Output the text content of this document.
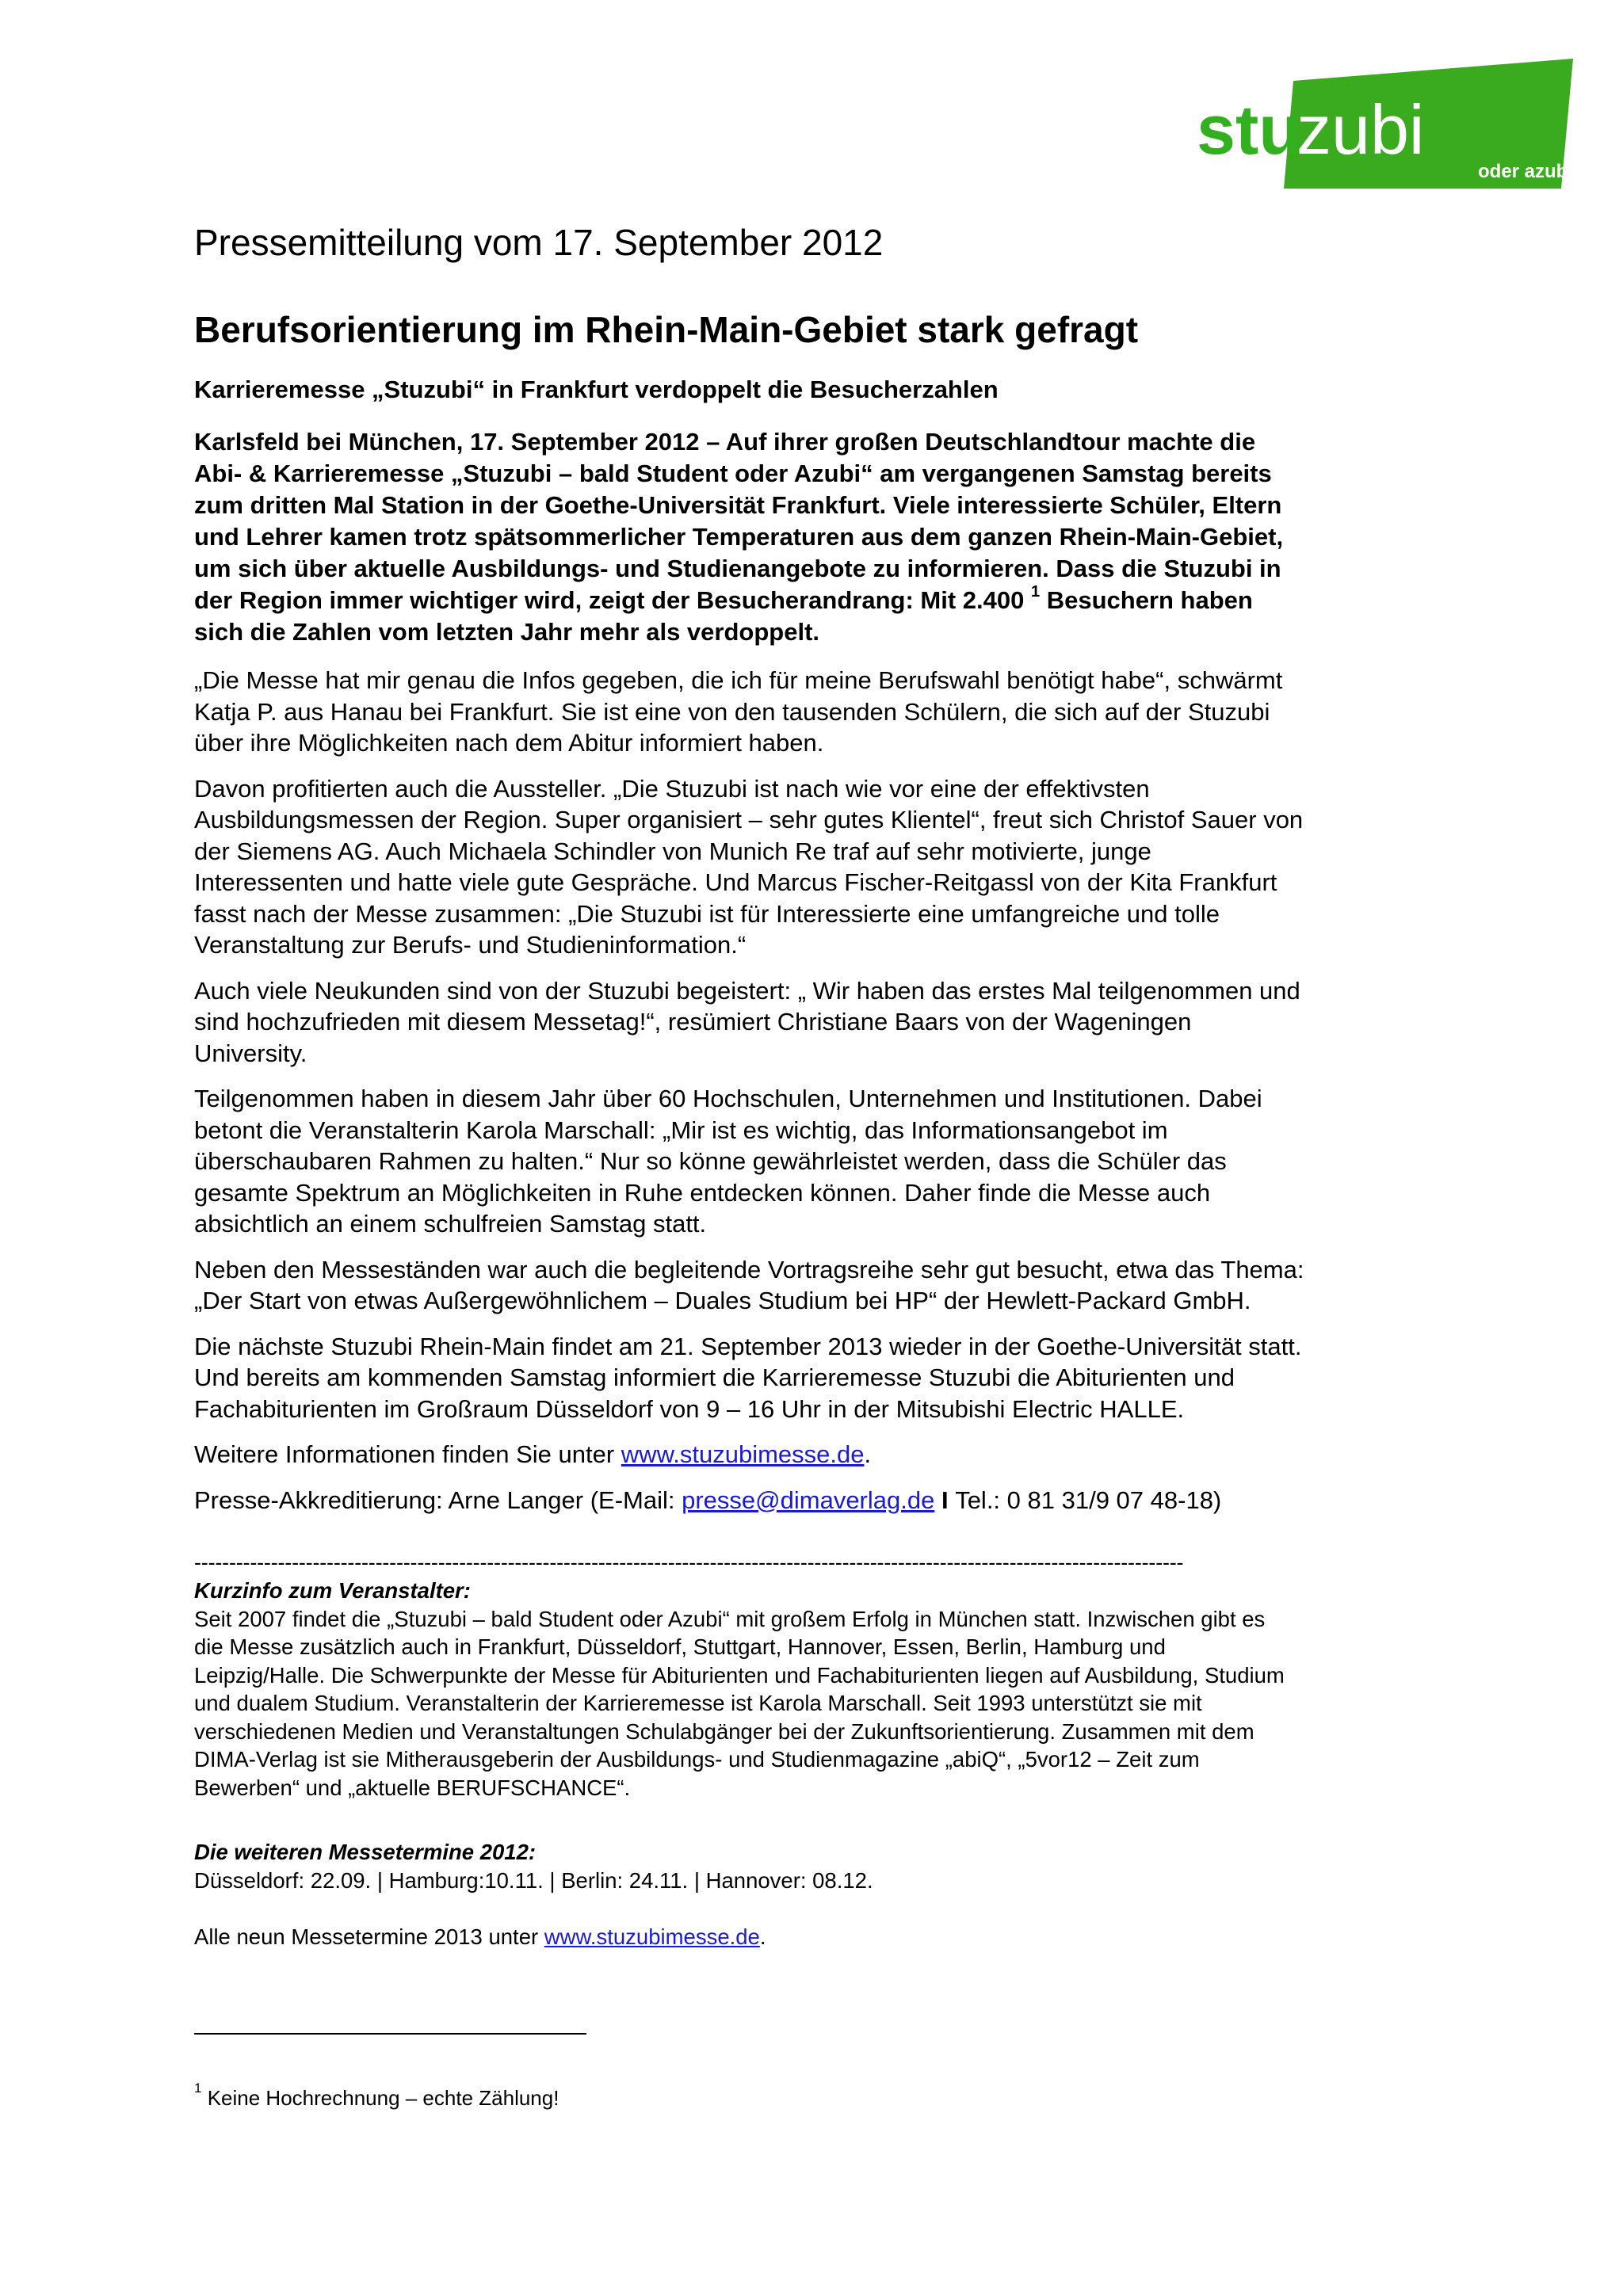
stu
zubi
oder azubi
Pressemitteilung vom 17. September 2012
Berufsorientierung im Rhein-Main-Gebiet stark gefragt
Karrieremesse „Stuzubi“ in Frankfurt verdoppelt die Besucherzahlen

Karlsfeld bei München, 17. September 2012 – Auf ihrer großen Deutschlandtour machte die

Abi- & Karrieremesse „Stuzubi – bald Student oder Azubi“ am vergangenen Samstag bereits

zum dritten Mal Station in der Goethe-Universität Frankfurt. Viele interessierte Schüler, Eltern

und Lehrer kamen trotz spätsommerlicher Temperaturen aus dem ganzen Rhein-Main-Gebiet,

um sich über aktuelle Ausbildungs- und Studienangebote zu informieren. Dass die Stuzubi in

der Region immer wichtiger wird, zeigt der Besucherandrang: Mit 2.400 $^1$ Besuchern haben

sich die Zahlen vom letzten Jahr mehr als verdoppelt.

„Die Messe hat mir genau die Infos gegeben, die ich für meine Berufswahl benötigt habe“, schwärmt
Katja P. aus Hanau bei Frankfurt. Sie ist eine von den tausenden Schülern, die sich auf der Stuzubi
über ihre Möglichkeiten nach dem Abitur informiert haben.

Davon profitierten auch die Aussteller. „Die Stuzubi ist nach wie vor eine der effektivsten
Ausbildungsmessen der Region. Super organisiert – sehr gutes Klientel“, freut sich Christof Sauer von
der Siemens AG. Auch Michaela Schindler von Munich Re traf auf sehr motivierte, junge
Interessenten und hatte viele gute Gespräche. Und Marcus Fischer-Reitgassl von der Kita Frankfurt
fasst nach der Messe zusammen: „Die Stuzubi ist für Interessierte eine umfangreiche und tolle
Veranstaltung zur Berufs- und Studieninformation.“

Auch viele Neukunden sind von der Stuzubi begeistert: „ Wir haben das erstes Mal teilgenommen und
sind hochzufrieden mit diesem Messetag!“, resümiert Christiane Baars von der Wageningen
University.

Teilgenommen haben in diesem Jahr über 60 Hochschulen, Unternehmen und Institutionen. Dabei
betont die Veranstalterin Karola Marschall: „Mir ist es wichtig, das Informationsangebot im
überschaubaren Rahmen zu halten.“ Nur so könne gewährleistet werden, dass die Schüler das
gesamte Spektrum an Möglichkeiten in Ruhe entdecken können. Daher finde die Messe auch
absichtlich an einem schulfreien Samstag statt.

Neben den Messeständen war auch die begleitende Vortragsreihe sehr gut besucht, etwa das Thema:
„Der Start von etwas Außergewöhnlichem – Duales Studium bei HP“ der Hewlett-Packard GmbH.

Die nächste Stuzubi Rhein-Main findet am 21. September 2013 wieder in der Goethe-Universität statt.
Und bereits am kommenden Samstag informiert die Karrieremesse Stuzubi die Abiturienten und
Fachabiturienten im Großraum Düsseldorf von 9 – 16 Uhr in der Mitsubishi Electric HALLE.

Weitere Informationen finden Sie unter www.stuzubimesse.de.

Presse-Akkreditierung: Arne Langer (E-Mail: presse@dimaverlag.de I Tel.: 0 81 31/9 07 48-18)

----------------------------------------------------------------------------------------------------------------------------------------------
Kurzinfo zum Veranstalter:
Seit 2007 findet die „Stuzubi – bald Student oder Azubi“ mit großem Erfolg in München statt. Inzwischen gibt es
die Messe zusätzlich auch in Frankfurt, Düsseldorf, Stuttgart, Hannover, Essen, Berlin, Hamburg und
Leipzig/Halle. Die Schwerpunkte der Messe für Abiturienten und Fachabiturienten liegen auf Ausbildung, Studium
und dualem Studium. Veranstalterin der Karrieremesse ist Karola Marschall. Seit 1993 unterstützt sie mit
verschiedenen Medien und Veranstaltungen Schulabgänger bei der Zukunftsorientierung. Zusammen mit dem
DIMA-Verlag ist sie Mitherausgeberin der Ausbildungs- und Studienmagazine „abiQ“, „5vor12 – Zeit zum
Bewerben“ und „aktuelle BERUFSCHANCE“.
Die weiteren Messetermine 2012:
Düsseldorf: 22.09. | Hamburg:10.11. | Berlin: 24.11. | Hannover: 08.12.
Alle neun Messetermine 2013 unter www.stuzubimesse.de.
$^1$ Keine Hochrechnung – echte Zählung!
